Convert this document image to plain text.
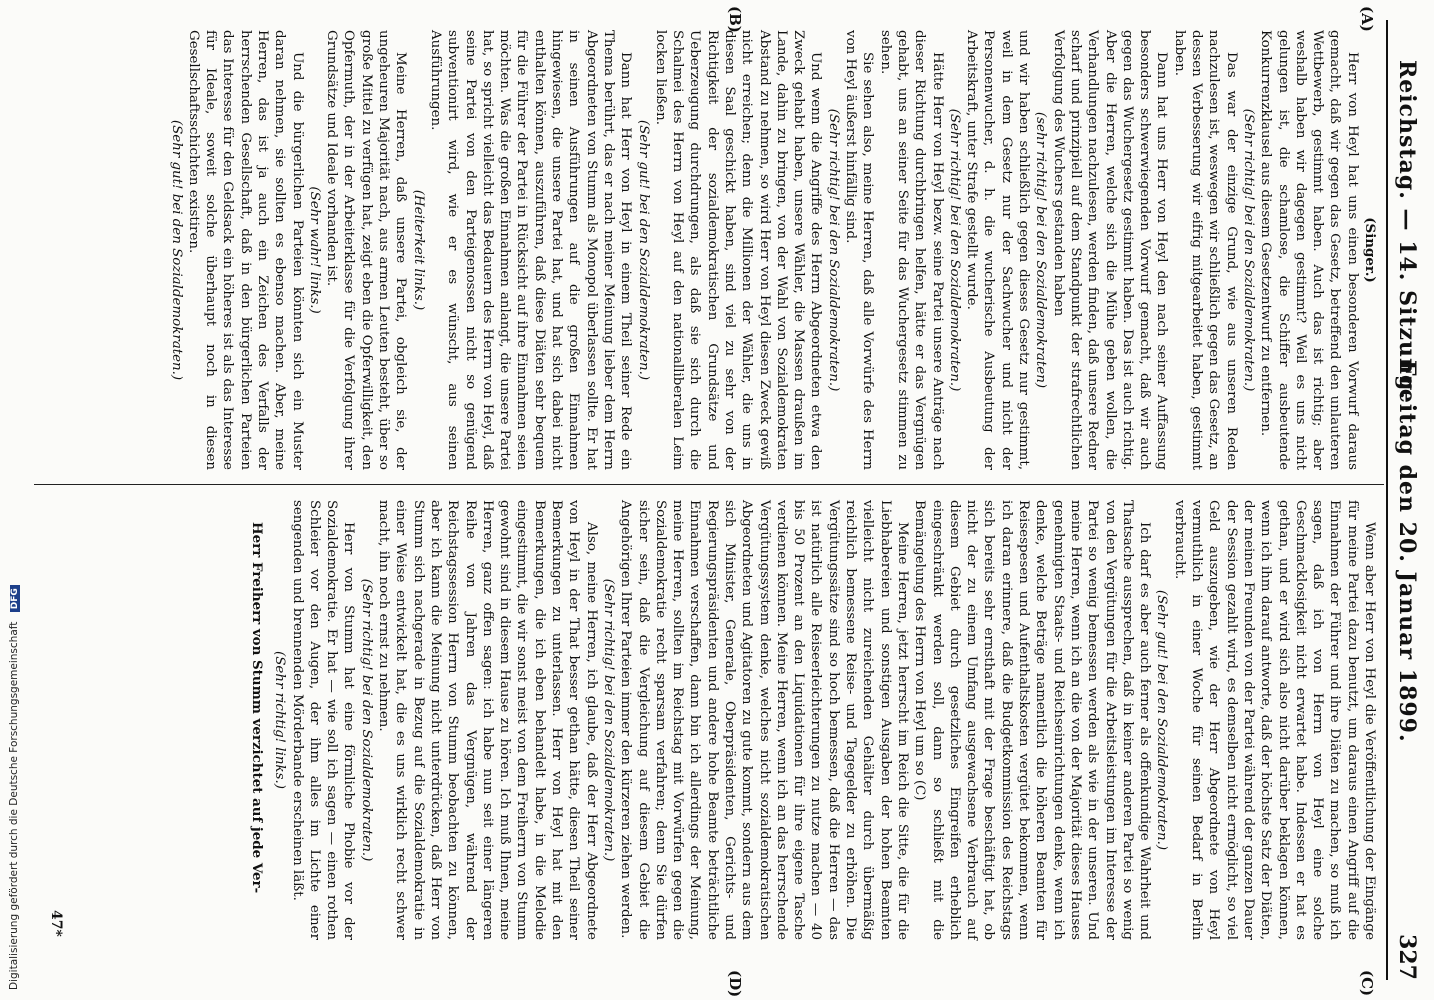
Reichstag. — 14. Sitzung.
Freitag den 20. Januar 1899.
327
(A)
(B)
(C)
(D)

(Singer.)

Herr von Heyl hat uns einen besonderen Vorwurf daraus gemacht, daß wir gegen das Gesetz, betreffend den unlauteren Wettbewerb, gestimmt haben. Auch das ist richtig; aber weshalb haben wir dagegen gestimmt? Weil es uns nicht gelungen ist, die schamlose, die Schiffer ausbeutende Konkurrenzklausel aus diesem Gesetzentwurf zu entfernen.

(Sehr richtig! bei den Sozialdemokraten.)

Das war der einzige Grund, wie aus unseren Reden nachzulesen ist, weswegen wir schließlich gegen das Gesetz, an dessen Verbesserung wir eifrig mitgearbeitet haben, gestimmt haben.

Dann hat uns Herr von Heyl den nach seiner Auffassung besonders schwerwiegenden Vorwurf gemacht, daß wir auch gegen das Wuchergesetz gestimmt haben. Das ist auch richtig. Aber die Herren, welche sich die Mühe geben wollen, die Verhandlungen nachzulesen, werden finden, daß unsere Redner scharf und prinzipiell auf dem Standpunkt der strafrechtlichen Verfolgung des Wuchers gestanden haben

(sehr richtig! bei den Sozialdemokraten)

und wir haben schließlich gegen dieses Gesetz nur gestimmt, weil in dem Gesetz nur der Sachwucher und nicht der Personenwucher, d. h. die wucherische Ausbeutung der Arbeitskraft, unter Strafe gestellt wurde.

(Sehr richtig! bei den Sozialdemokraten.)

Hätte Herr von Heyl bezw. seine Partei unsere Anträge nach dieser Richtung durchbringen helfen, hätte er das Vergnügen gehabt, uns an seiner Seite für das Wuchergesetz stimmen zu sehen.

Sie sehen also, meine Herren, daß alle Vorwürfe des Herrn von Heyl äußerst hinfällig sind.

(Sehr richtig! bei den Sozialdemokraten.)

Und wenn die Angriffe des Herrn Abgeordneten etwa den Zweck gehabt haben, unsere Wähler, die Massen draußen im Lande, dahin zu bringen, von der Wahl von Sozialdemokraten Abstand zu nehmen, so wird Herr von Heyl diesen Zweck gewiß nicht erreichen; denn die Millionen der Wähler, die uns in diesen Saal geschickt haben, sind viel zu sehr von der Richtigkeit der sozialdemokratischen Grundsätze und Ueberzeugung durchdrungen, als daß sie sich durch die Schalmei des Herrn von Heyl auf den nationalliberalen Leim locken ließen.

(Sehr gut! bei den Sozialdemokraten.)

Dann hat Herr von Heyl in einem Theil seiner Rede ein Thema berührt, das er nach meiner Meinung lieber dem Herrn Abgeordneten von Stumm als Monopol überlassen sollte. Er hat in seinen Ausführungen auf die großen Einnahmen hingewiesen, die unsere Partei hat, und hat sich dabei nicht enthalten können, auszuführen, daß diese Diäten sehr bequem für die Führer der Partei in Rücksicht auf ihre Einnahmen seien möchten. Was die großen Einnahmen anlangt, die unsere Partei hat, so spricht vielleicht das Bedauern des Herrn von Heyl, daß seine Partei von den Parteigenossen nicht so genügend subventionirt wird, wie er es wünscht, aus seinen Ausführungen.

(Heiterkeit links.)

Meine Herren, daß unsere Partei, obgleich sie, der ungeheuren Majorität nach, aus armen Leuten besteht, über so große Mittel zu verfügen hat, zeigt eben die Opferwilligkeit, den Opfermuth, der in der Arbeiterklasse für die Verfolgung ihrer Grundsätze und Ideale vorhanden ist.

(Sehr wahr! links.)

Und die bürgerlichen Parteien könnten sich ein Muster daran nehmen, sie sollten es ebenso machen. Aber, meine Herren, das ist ja auch ein Zeichen des Verfalls der herrschenden Gesellschaft, daß in den bürgerlichen Parteien das Interesse für den Geldsack ein höheres ist als das Interesse für Ideale, soweit solche überhaupt noch in diesen Gesellschaftsschichten existiren.

(Sehr gut! bei den Sozialdemokraten.)

Wenn aber Herr von Heyl die Veröffentlichung der Eingänge für meine Partei dazu benutzt, um daraus einen Angriff auf die Einnahmen der Führer und ihre Diäten zu machen, so muß ich sagen, daß ich von Herrn von Heyl eine solche Geschmacklosigkeit nicht erwartet habe. Indessen er hat es gethan, und er wird sich also nicht darüber beklagen können, wenn ich ihm darauf antworte, daß der höchste Satz der Diäten, der meinen Freunden von der Partei während der ganzen Dauer der Session gezahlt wird, es demselben nicht ermöglicht, so viel Geld auszugeben, wie der Herr Abgeordnete von Heyl vermuthlich in einer Woche für seinen Bedarf in Berlin verbraucht.

(Sehr gut! bei den Sozialdemokraten.)

Ich darf es aber auch ferner als offenkundige Wahrheit und Thatsache aussprechen, daß in keiner anderen Partei so wenig von den Vergütungen für die Arbeitsleistungen im Interesse der Partei so wenig bemessen werden als wie in der unseren. Und meine Herren, wenn ich an die von der Majorität dieses Hauses genehmigten Staats- und Reichseinrichtungen denke, wenn ich denke, welche Beträge namentlich die höheren Beamten für Reisespesen und Aufenthaltskosten vergütet bekommen, wenn ich daran erinnere, daß die Budgetkommission des Reichstags sich bereits sehr ernsthaft mit der Frage beschäftigt hat, ob nicht der zu einem Umfang ausgewachsene Verbrauch auf diesem Gebiet durch gesetzliches Eingreifen erheblich eingeschränkt werden soll, dann so schließt mit die Bemängelung des Herrn von Heyl um so (C)

Meine Herren, jetzt herrscht im Reich die Sitte, die für die Liebhabereien und sonstigen Ausgaben der hohen Beamten vielleicht nicht zureichenden Gehälter durch übermäßig reichlich bemessene Reise- und Tagegelder zu erhöhen. Die Vergütungssätze sind so hoch bemessen, daß die Herren — das ist natürlich alle Reiseerleichterungen zu nutze machen — 40 bis 50 Prozent an den Liquidationen für ihre eigene Tasche verdienen können. Meine Herren, wenn ich an das herrschende Vergütungssystem denke, welches nicht sozialdemokratischen Abgeordneten und Agitatoren zu gute kommt, sondern aus dem sich Minister, Generale, Oberpräsidenten, Gerichts- und Regierungspräsidenten und andere hohe Beamte beträchtliche Einnahmen verschaffen, dann bin ich allerdings der Meinung, meine Herren, sollten im Reichstag mit Vorwürfen gegen die Sozialdemokratie recht sparsam verfahren; denn Sie dürfen sicher sein, daß die Vergleichung auf diesem Gebiet die Angehörigen Ihrer Parteien immer den kürzeren ziehen werden.

(Sehr richtig! bei den Sozialdemokraten.)

Also, meine Herren, ich glaube, daß der Herr Abgeordnete von Heyl in der That besser gethan hätte, diesen Theil seiner Bemerkungen zu unterlassen. Herr von Heyl hat mit den Bemerkungen, die ich eben behandelt habe, in die Melodie eingestimmt, die wir sonst meist von dem Freiherrn von Stumm gewohnt sind in diesem Hause zu hören. Ich muß Ihnen, meine Herren, ganz offen sagen: ich habe nun seit einer längeren Reihe von Jahren das Vergnügen, während der Reichstagssession Herrn von Stumm beobachten zu können, aber ich kann die Meinung nicht unterdrücken, daß Herr von Stumm sich nachgerade in Bezug auf die Sozialdemokratie in einer Weise entwickelt hat, die es uns wirklich recht schwer macht, ihn noch ernst zu nehmen.

(Sehr richtig! bei den Sozialdemokraten.)

Herr von Stumm hat eine förmliche Phobie vor der Sozialdemokratie. Er hat — wie soll ich sagen — einen rothen Schleier vor den Augen, der ihm alles im Lichte einer sengenden und brennenden Mörderbande erscheinen läßt.

(Sehr richtig! links.)

Herr Freiherr von Stumm verzichtet auf jede Ver-

47*
Digitalisierung gefördert durch die Deutsche Forschungsgemeinschaft DFG
